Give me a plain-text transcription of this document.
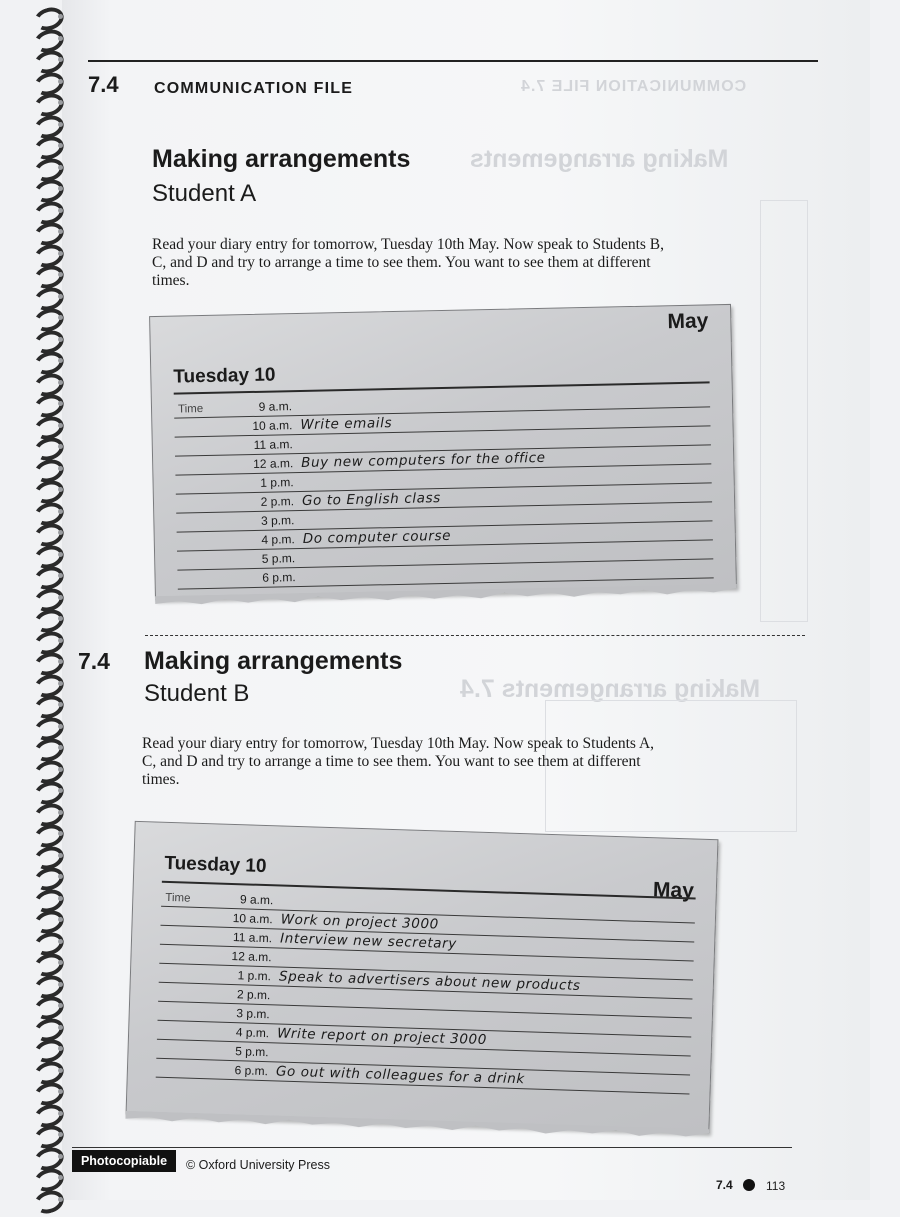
COMMUNICATION FILE 7.4
Making arrangements
Making arrangements 7.4
7.4 COMMUNICATION FILE
Making arrangements
Student A
Read your diary entry for tomorrow, Tuesday 10th May. Now speak to Students B, C, and D and try to arrange a time to see them. You want to see them at different times.
May
Tuesday 10
Time	9 a.m.
10 a.m. Write emails
11 a.m.
12 a.m. Buy new computers for the office
1 p.m.
2 p.m. Go to English class
3 p.m.
4 p.m. Do computer course
5 p.m.
6 p.m.
7.4 Making arrangements
Student B
Read your diary entry for tomorrow, Tuesday 10th May. Now speak to Students A, C, and D and try to arrange a time to see them. You want to see them at different times.
May
Tuesday 10
Time	9 a.m.
10 a.m. Work on project 3000
11 a.m. Interview new secretary
12 a.m.
1 p.m. Speak to advertisers about new products
2 p.m.
3 p.m.
4 p.m. Write report on project 3000
5 p.m.
6 p.m. Go out with colleagues for a drink
Photocopiable	© Oxford University Press
7.4	113
